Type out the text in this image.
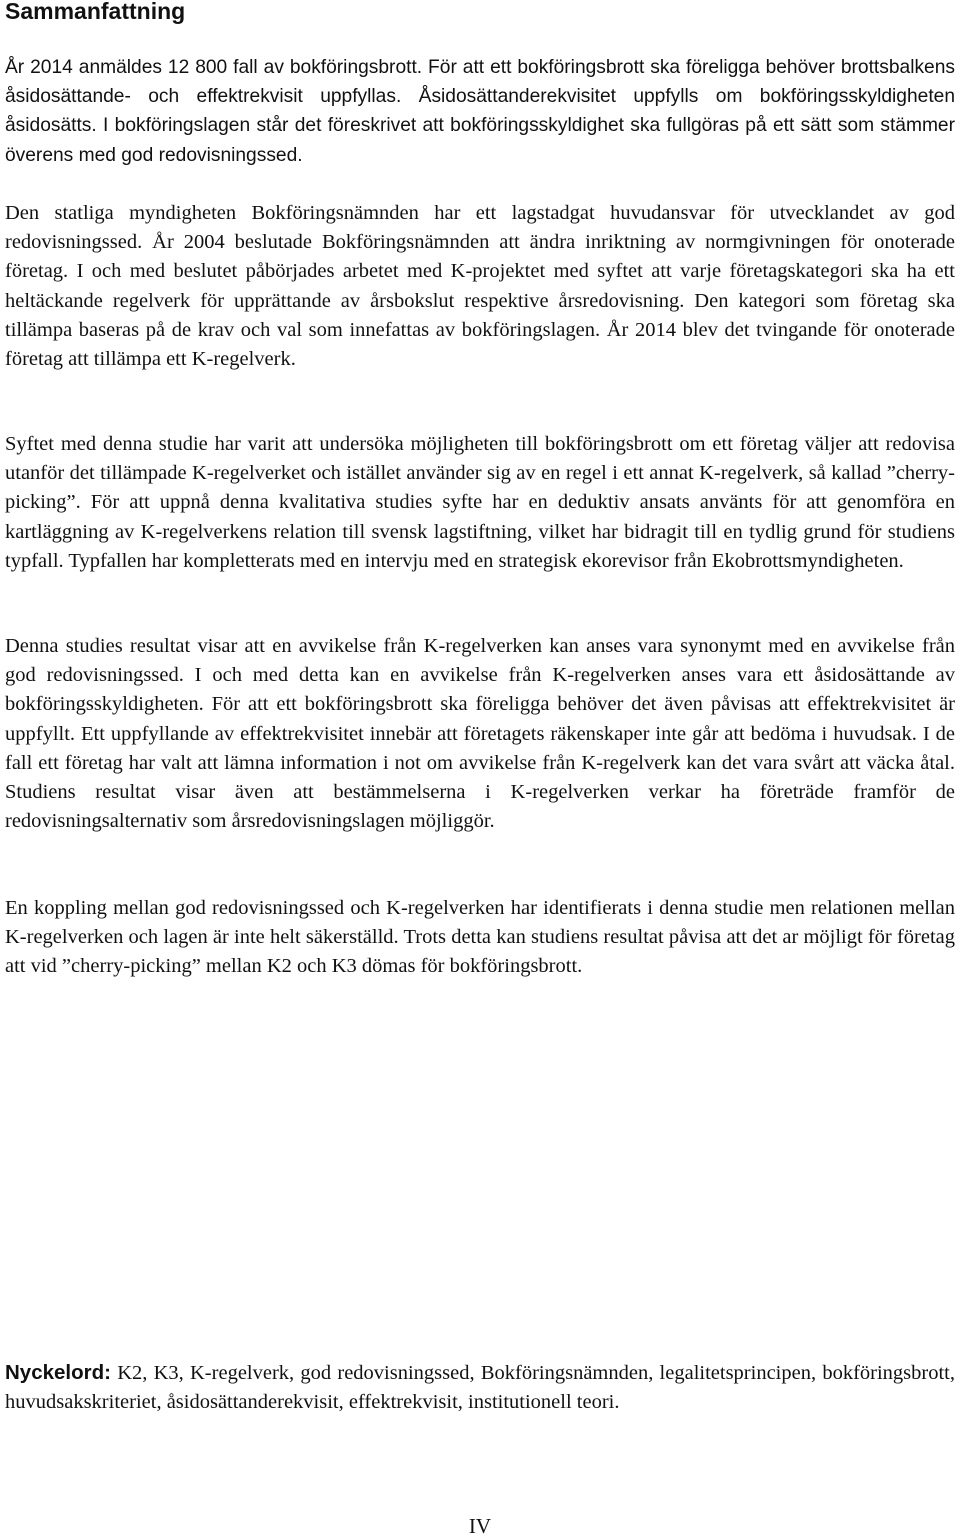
Sammanfattning

År 2014 anmäldes 12 800 fall av bokföringsbrott. För att ett bokföringsbrott ska föreligga behöver brottsbalkens åsidosättande- och effektrekvisit uppfyllas. Åsidosättanderekvisitet uppfylls om bokföringsskyldigheten åsidosätts. I bokföringslagen står det föreskrivet att bokföringsskyldighet ska fullgöras på ett sätt som stämmer överens med god redovisningssed.

Den statliga myndigheten Bokföringsnämnden har ett lagstadgat huvudansvar för utvecklandet av god redovisningssed. År 2004 beslutade Bokföringsnämnden att ändra inriktning av normgivningen för onoterade företag. I och med beslutet påbörjades arbetet med K-projektet med syftet att varje företagskategori ska ha ett heltäckande regelverk för upprättande av årsbokslut respektive årsredovisning. Den kategori som företag ska tillämpa baseras på de krav och val som innefattas av bokföringslagen. År 2014 blev det tvingande för onoterade företag att tillämpa ett K-regelverk.

Syftet med denna studie har varit att undersöka möjligheten till bokföringsbrott om ett företag väljer att redovisa utanför det tillämpade K-regelverket och istället använder sig av en regel i ett annat K-regelverk, så kallad ”cherry-picking”. För att uppnå denna kvalitativa studies syfte har en deduktiv ansats använts för att genomföra en kartläggning av K-regelverkens relation till svensk lagstiftning, vilket har bidragit till en tydlig grund för studiens typfall. Typfallen har kompletterats med en intervju med en strategisk ekorevisor från Ekobrottsmyndigheten.

Denna studies resultat visar att en avvikelse från K-regelverken kan anses vara synonymt med en avvikelse från god redovisningssed. I och med detta kan en avvikelse från K-regelverken anses vara ett åsidosättande av bokföringsskyldigheten. För att ett bokföringsbrott ska föreligga behöver det även påvisas att effektrekvisitet är uppfyllt. Ett uppfyllande av effektrekvisitet innebär att företagets räkenskaper inte går att bedöma i huvudsak. I de fall ett företag har valt att lämna information i not om avvikelse från K-regelverk kan det vara svårt att väcka åtal. Studiens resultat visar även att bestämmelserna i K-regelverken verkar ha företräde framför de redovisningsalternativ som årsredovisningslagen möjliggör.

En koppling mellan god redovisningssed och K-regelverken har identifierats i denna studie men relationen mellan K-regelverken och lagen är inte helt säkerställd. Trots detta kan studiens resultat påvisa att det ar möjligt för företag att vid ”cherry-picking” mellan K2 och K3 dömas för bokföringsbrott.

Nyckelord: K2, K3, K-regelverk, god redovisningssed, Bokföringsnämnden, legalitetsprincipen, bokföringsbrott, huvudsakskriteriet, åsidosättanderekvisit, effektrekvisit, institutionell teori.

IV
